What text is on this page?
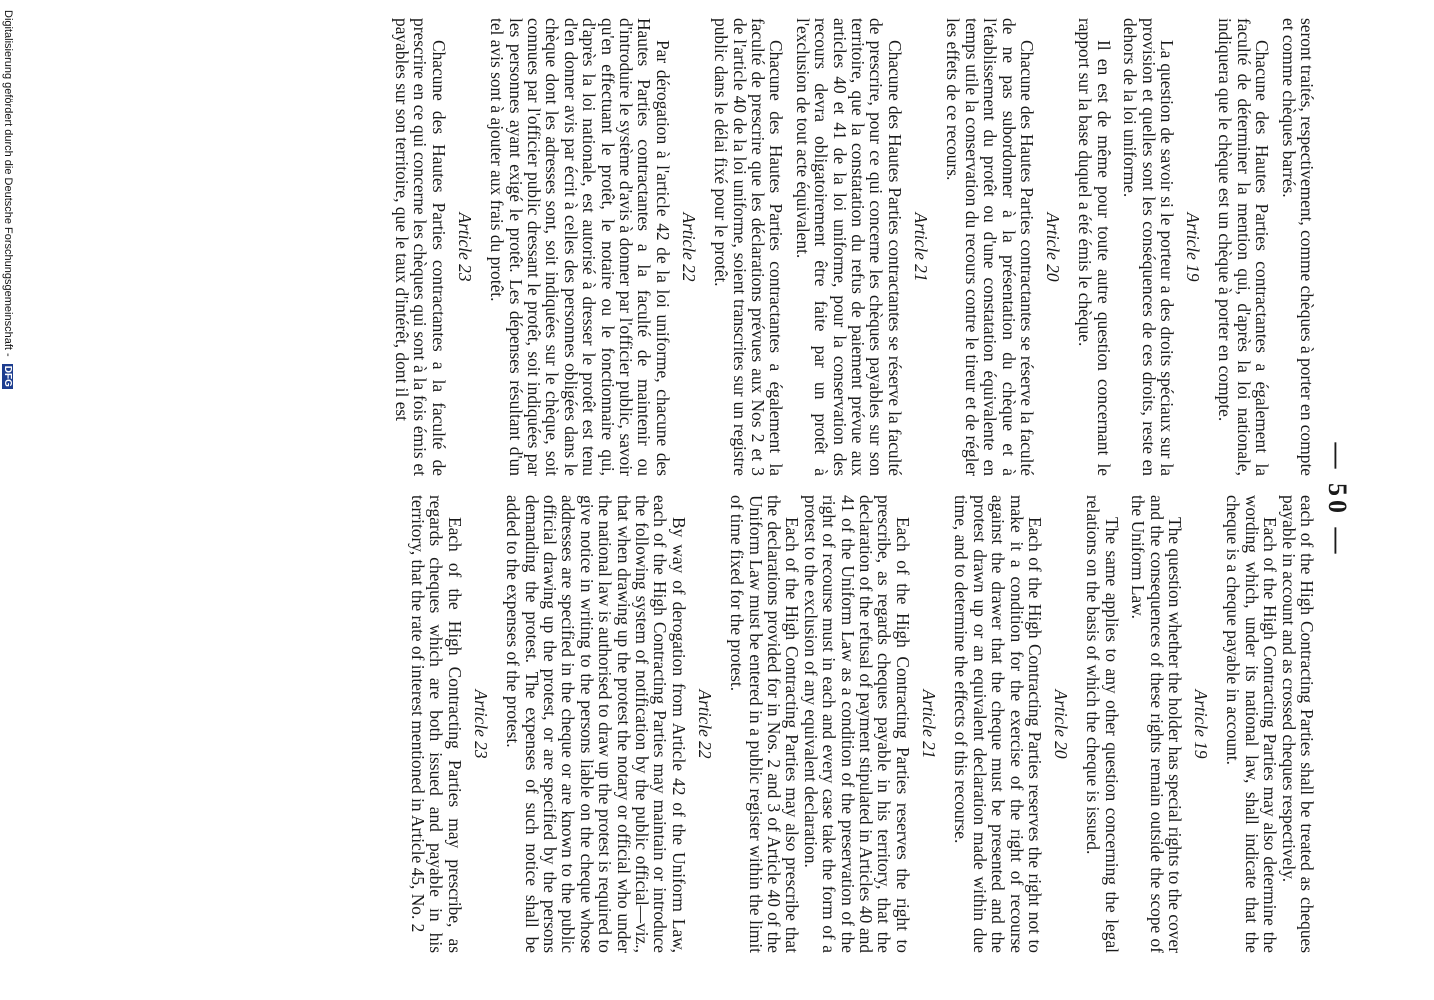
— 50 —

seront traités, respectivement, comme chèques à porter en compte et comme chèques barrés.

Chacune des Hautes Parties contractantes a également la faculté de déterminer la mention qui, d'après la loi nationale, indiquera que le chèque est un chèque à porter en compte.

Article 19

La question de savoir si le porteur a des droits spéciaux sur la provision et quelles sont les conséquences de ces droits, reste en dehors de la loi uniforme.

Il en est de même pour toute autre question concernant le rapport sur la base duquel a été émis le chèque.

Article 20

Chacune des Hautes Parties contractantes se réserve la faculté de ne pas subordonner à la présentation du chèque et à l'établissement du protêt ou d'une constatation équivalente en temps utile la conservation du recours contre le tireur et de régler les effets de ce recours.

Article 21

Chacune des Hautes Parties contractantes se réserve la faculté de prescrire, pour ce qui concerne les chèques payables sur son territoire, que la constatation du refus de paiement prévue aux articles 40 et 41 de la loi uniforme, pour la conservation des recours devra obligatoirement être faite par un protêt à l'exclusion de tout acte équivalent.

Chacune des Hautes Parties contractantes a également la faculté de prescrire que les déclarations prévues aux Nos 2 et 3 de l'article 40 de la loi uniforme, soient transcrites sur un registre public dans le délai fixé pour le protêt.

Article 22

Par dérogation à l'article 42 de la loi uniforme, chacune des Hautes Parties contractantes a la faculté de maintenir ou d'introduire le système d'avis à donner par l'officier public, savoir qu'en effectuant le protêt, le notaire ou le fonctionnaire qui, d'après la loi nationale, est autorisé à dresser le protêt est tenu d'en donner avis par écrit à celles des personnes obligées dans le chèque dont les adresses sont, soit indiquées sur le chèque, soit connues par l'officier public dressant le protêt, soit indiquées par les personnes ayant exigé le protêt. Les dépenses résultant d'un tel avis sont à ajouter aux frais du protêt.

Article 23

Chacune des Hautes Parties contractantes a la faculté de prescrire en ce qui concerne les chèques qui sont à la fois émis et payables sur son territoire, que le taux d'intérêt, dont il est

each of the High Contracting Parties shall be treated as cheques payable in account and as crossed cheques respectively.

Each of the High Contracting Parties may also determine the wording which, under its national law, shall indicate that the cheque is a cheque payable in account.

Article 19

The question whether the holder has special rights to the cover and the consequences of these rights remain outside the scope of the Uniform Law.

The same applies to any other question concerning the legal relations on the basis of which the cheque is issued.

Article 20

Each of the High Contracting Parties reserves the right not to make it a condition for the exercise of the right of recourse against the drawer that the cheque must be presented and the protest drawn up or an equivalent declaration made within due time, and to determine the effects of this recourse.

Article 21

Each of the High Contracting Parties reserves the right to prescribe, as regards cheques payable in his territory, that the declaration of the refusal of payment stipulated in Articles 40 and 41 of the Uniform Law as a condition of the preservation of the right of recourse must in each and every case take the form of a protest to the exclusion of any equivalent declaration.

Each of the High Contracting Parties may also prescribe that the declarations provided for in Nos. 2 and 3 of Article 40 of the Uniform Law must be entered in a public register within the limit of time fixed for the protest.

Article 22

By way of derogation from Article 42 of the Uniform Law, each of the High Contracting Parties may maintain or introduce the following system of notification by the public official—viz., that when drawing up the protest the notary or official who under the national law is authorised to draw up the protest is required to give notice in writing to the persons liable on the cheque whose addresses are specified in the cheque or are known to the public official drawing up the protest, or are specified by the persons demanding the protest. The expenses of such notice shall be added to the expenses of the protest.

Article 23

Each of the High Contracting Parties may prescribe, as regards cheques which are both issued and payable in his territory, that the rate of interest mentioned in Article 45, No. 2

Digitalisierung gefördert durch die Deutsche Forschungsgemeinschaft - DFG
